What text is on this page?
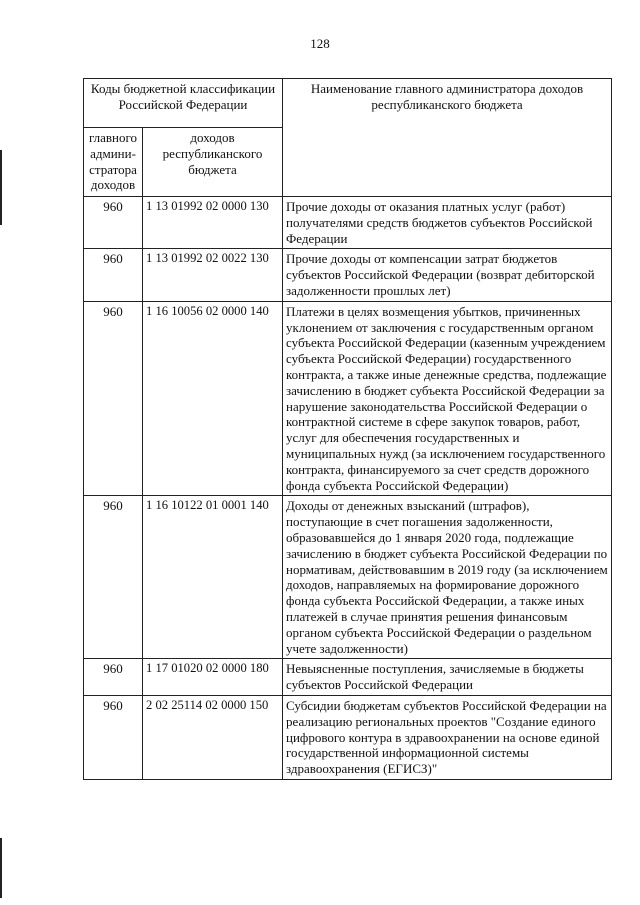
128
Коды бюджетной классификации Российской Федерации		Наименование главного администратора доходов республиканского бюджета
главного админи-стратора доходов	доходов республиканского бюджета	
960	1 13 01992 02 0000 130	Прочие доходы от оказания платных услуг (работ) получателями средств бюджетов субъектов Российской Федерации
960	1 13 01992 02 0022 130	Прочие доходы от компенсации затрат бюджетов субъектов Российской Федерации (возврат дебиторской задолженности прошлых лет)
960	1 16 10056 02 0000 140	Платежи в целях возмещения убытков, причиненных уклонением от заключения с государственным органом субъекта Российской Федерации (казенным учреждением субъекта Российской Федерации) государственного контракта, а также иные денежные средства, подлежащие зачислению в бюджет субъекта Российской Федерации за нарушение законодательства Российской Федерации о контрактной системе в сфере закупок товаров, работ, услуг для обеспечения государственных и муниципальных нужд (за исключением государственного контракта, финансируемого за счет средств дорожного фонда субъекта Российской Федерации)
960	1 16 10122 01 0001 140	Доходы от денежных взысканий (штрафов), поступающие в счет погашения задолженности, образовавшейся до 1 января 2020 года, подлежащие зачислению в бюджет субъекта Российской Федерации по нормативам, действовавшим в 2019 году (за исключением доходов, направляемых на формирование дорожного фонда субъекта Российской Федерации, а также иных платежей в случае принятия решения финансовым органом субъекта Российской Федерации о раздельном учете задолженности)
960	1 17 01020 02 0000 180	Невыясненные поступления, зачисляемые в бюджеты субъектов Российской Федерации
960	2 02 25114 02 0000 150	Субсидии бюджетам субъектов Российской Федерации на реализацию региональных проектов "Создание единого цифрового контура в здравоохранении на основе единой государственной информационной системы здравоохранения (ЕГИСЗ)"
